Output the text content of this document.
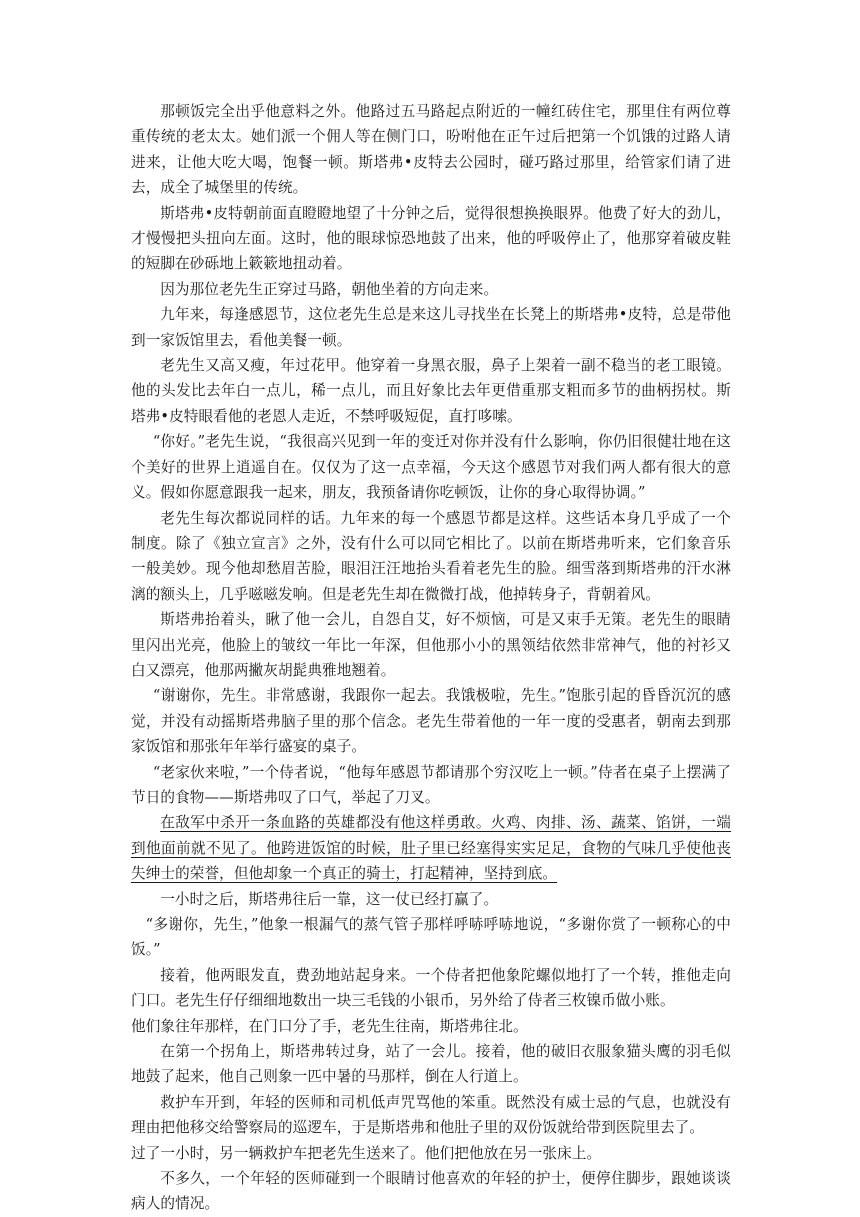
那顿饭完全出乎他意料之外。他路过五马路起点附近的一幢红砖住宅，那里住有两位尊重传统的老太太。她们派一个佣人等在侧门口，吩咐他在正午过后把第一个饥饿的过路人请进来，让他大吃大喝，饱餐一顿。斯塔弗•皮特去公园时，碰巧路过那里，给管家们请了进去，成全了城堡里的传统。

斯塔弗•皮特朝前面直瞪瞪地望了十分钟之后，觉得很想换换眼界。他费了好大的劲儿，才慢慢把头扭向左面。这时，他的眼球惊恐地鼓了出来，他的呼吸停止了，他那穿着破皮鞋的短脚在砂砾地上簌簌地扭动着。

因为那位老先生正穿过马路，朝他坐着的方向走来。

九年来，每逢感恩节，这位老先生总是来这儿寻找坐在长凳上的斯塔弗•皮特，总是带他到一家饭馆里去，看他美餐一顿。

老先生又高又瘦，年过花甲。他穿着一身黑衣服，鼻子上架着一副不稳当的老工眼镜。他的头发比去年白一点儿，稀一点儿，而且好象比去年更借重那支粗而多节的曲柄拐杖。斯塔弗•皮特眼看他的老恩人走近，不禁呼吸短促，直打哆嗦。

“你好。”老先生说，“我很高兴见到一年的变迁对你并没有什么影响，你仍旧很健壮地在这个美好的世界上逍遥自在。仅仅为了这一点幸福，今天这个感恩节对我们两人都有很大的意义。假如你愿意跟我一起来，朋友，我预备请你吃顿饭，让你的身心取得协调。”

老先生每次都说同样的话。九年来的每一个感恩节都是这样。这些话本身几乎成了一个制度。除了《独立宣言》之外，没有什么可以同它相比了。以前在斯塔弗听来，它们象音乐一般美妙。现今他却愁眉苦脸，眼泪汪汪地抬头看着老先生的脸。细雪落到斯塔弗的汗水淋漓的额头上，几乎嗞嗞发响。但是老先生却在微微打战，他掉转身子，背朝着风。

斯塔弗抬着头，瞅了他一会儿，自怨自艾，好不烦恼，可是又束手无策。老先生的眼睛里闪出光亮，他脸上的皱纹一年比一年深，但他那小小的黑领结依然非常神气，他的衬衫又白又漂亮，他那两撇灰胡髭典雅地翘着。

“谢谢你，先生。非常感谢，我跟你一起去。我饿极啦，先生。”饱胀引起的昏昏沉沉的感觉，并没有动摇斯塔弗脑子里的那个信念。老先生带着他的一年一度的受惠者，朝南去到那家饭馆和那张年年举行盛宴的桌子。

“老家伙来啦，”一个侍者说，“他每年感恩节都请那个穷汉吃上一顿。”侍者在桌子上摆满了节日的食物——斯塔弗叹了口气，举起了刀叉。

在敌军中杀开一条血路的英雄都没有他这样勇敢。火鸡、肉排、汤、蔬菜、馅饼，一端到他面前就不见了。他跨进饭馆的时候，肚子里已经塞得实实足足，食物的气味几乎使他丧失绅士的荣誉，但他却象一个真正的骑士，打起精神，坚持到底。

一小时之后，斯塔弗往后一靠，这一仗已经打赢了。

“多谢你，先生，”他象一根漏气的蒸气管子那样呼哧呼哧地说，“多谢你赏了一顿称心的中饭。”

接着，他两眼发直，费劲地站起身来。一个侍者把他象陀螺似地打了一个转，推他走向门口。老先生仔仔细细地数出一块三毛钱的小银币，另外给了侍者三枚镍币做小账。

他们象往年那样，在门口分了手，老先生往南，斯塔弗往北。

在第一个拐角上，斯塔弗转过身，站了一会儿。接着，他的破旧衣服象猫头鹰的羽毛似地鼓了起来，他自己则象一匹中暑的马那样，倒在人行道上。

救护车开到，年轻的医师和司机低声咒骂他的笨重。既然没有威士忌的气息，也就没有理由把他移交给警察局的巡逻车，于是斯塔弗和他肚子里的双份饭就给带到医院里去了。

过了一小时，另一辆救护车把老先生送来了。他们把他放在另一张床上。

不多久，一个年轻的医师碰到一个眼睛讨他喜欢的年轻的护士，便停住脚步，跟她谈谈病人的情况。
